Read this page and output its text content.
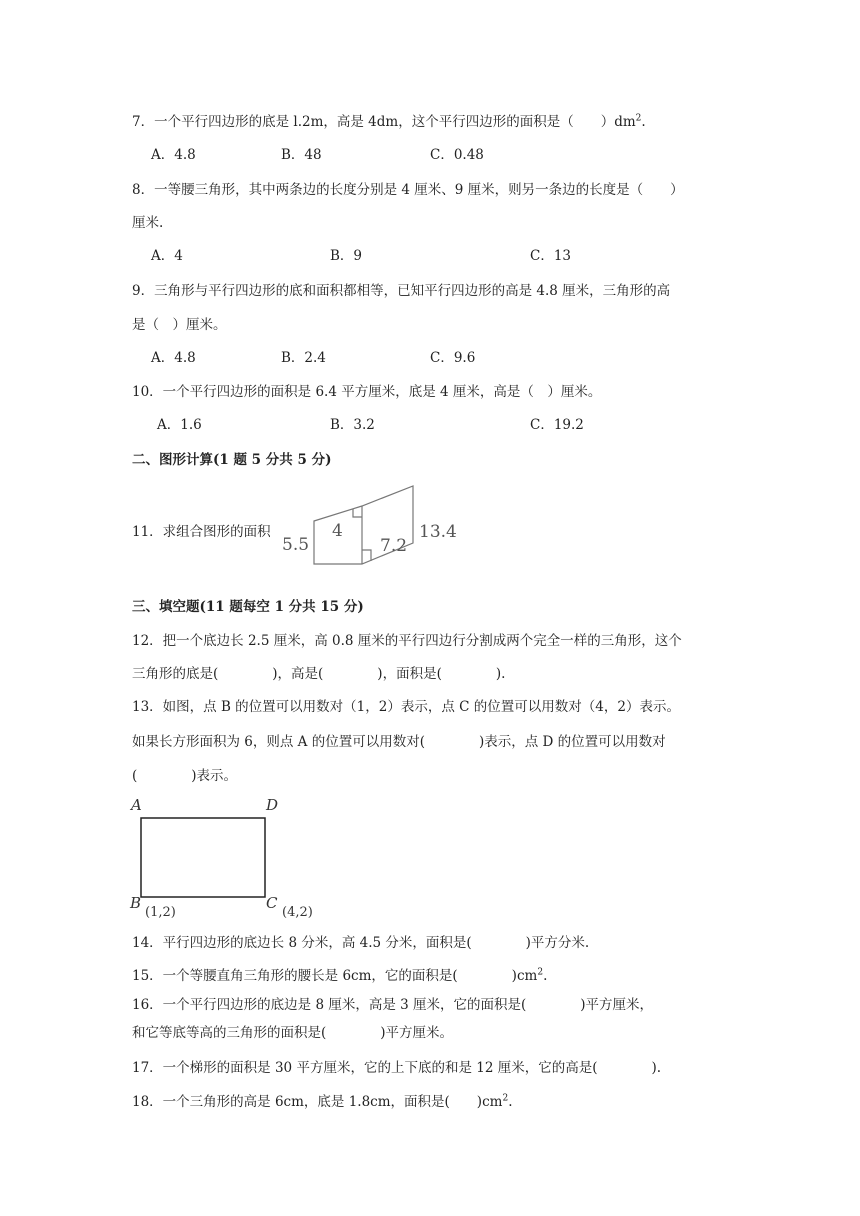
7．一个平行四边形的底是 l.2m，高是 4dm，这个平行四边形的面积是（　　）$dm^2$.
A．4.8	B．48	C．0.48
8．一等腰三角形，其中两条边的长度分别是 4 厘米、9 厘米，则另一条边的长度是（　　）
厘米.
A．4	B．9	C．13
9．三角形与平行四边形的底和面积都相等，已知平行四边形的高是 4.8 厘米，三角形的高
是（　）厘米。
A．4.8	B．2.4	C．9.6
10．一个平行四边形的面积是 6.4 平方厘米，底是 4 厘米，高是（　）厘米。
A．1.6	B．3.2	C．19.2
二、图形计算(1 题 5 分共 5 分)
11．求组合图形的面积	4
5.5	7.2
13.4
三、填空题(11 题每空 1 分共 15 分)
12．把一个底边长 2.5 厘米，高 0.8 厘米的平行四边行分割成两个完全一样的三角形，这个
三角形的底是(　　　　)，高是(　　　　)，面积是(　　　　).
13．如图，点 B 的位置可以用数对（1，2）表示，点 C 的位置可以用数对（4，2）表示。
如果长方形面积为 6，则点 A 的位置可以用数对(　　　　)表示，点 D 的位置可以用数对
(　　　　)表示。
A	D
B	C
(1,2)	(4,2)
14．平行四边形的底边长 8 分米，高 4.5 分米，面积是(　　　　)平方分米.
15．一个等腰直角三角形的腰长是 6cm，它的面积是(　　　　)$cm^2$.
16．一个平行四边形的底边是 8 厘米，高是 3 厘米，它的面积是(　　　　)平方厘米，
和它等底等高的三角形的面积是(　　　　)平方厘米。
17．一个梯形的面积是 30 平方厘米，它的上下底的和是 12 厘米，它的高是(　　　　).
18．一个三角形的高是 6cm，底是 1.8cm，面积是(　　)$cm^2$.
